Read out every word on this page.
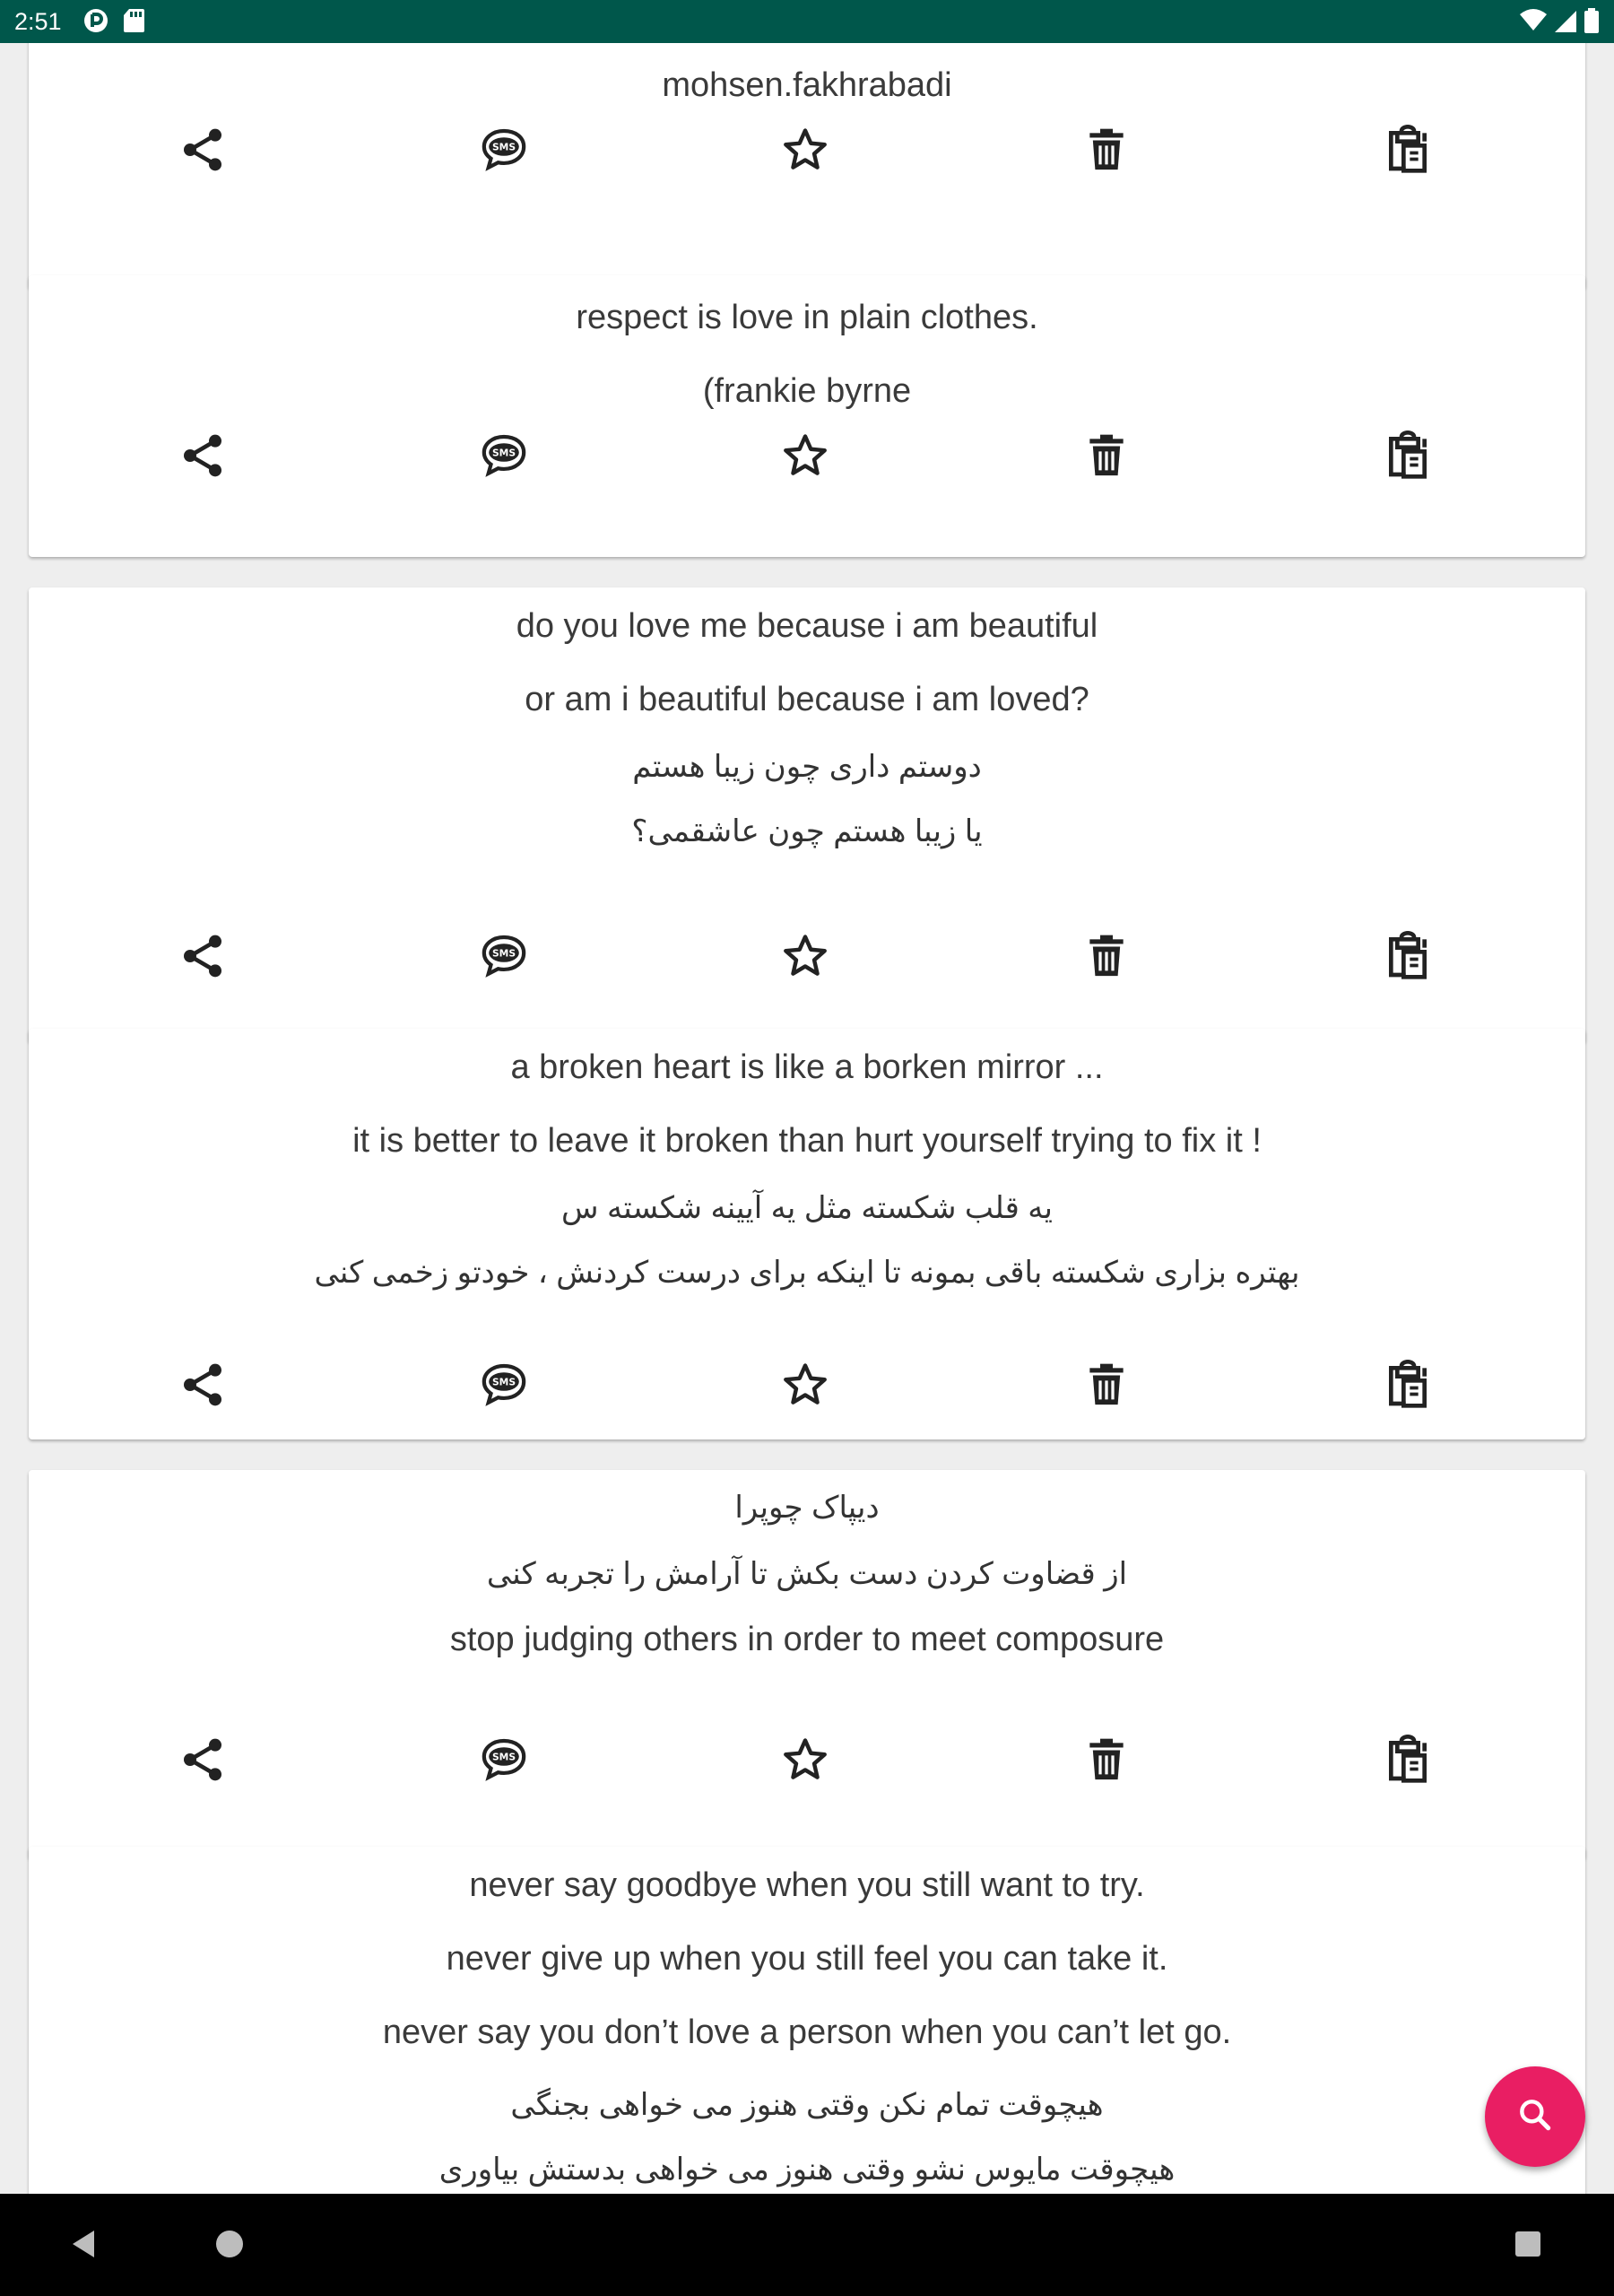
2:51
mohsen.fakhrabadi
SMS
respect is love in plain clothes.
(frankie byrne
SMS
do you love me because i am beautiful
or am i beautiful because i am loved?
دوستم داری چون زیبا هستم
یا زیبا هستم چون عاشقمی؟
SMS
a broken heart is like a borken mirror ...
it is better to leave it broken than hurt yourself trying to fix it !
یه قلب شکسته مثل یه آیینه شکسته س
بهتره بزاری شکسته باقی بمونه تا اینکه برای درست کردنش ، خودتو زخمی کنی
SMS
دیپاک چوپرا
از قضاوت کردن دست بکش تا آرامش را تجربه کنی
stop judging others in order to meet composure
SMS
never say goodbye when you still want to try.
never give up when you still feel you can take it.
never say you don’t love a person when you can’t let go.
هیچوقت تمام نکن وقتی هنوز می خواهی بجنگی
هیچوقت مایوس نشو وقتی هنوز می خواهی بدستش بیاوری
